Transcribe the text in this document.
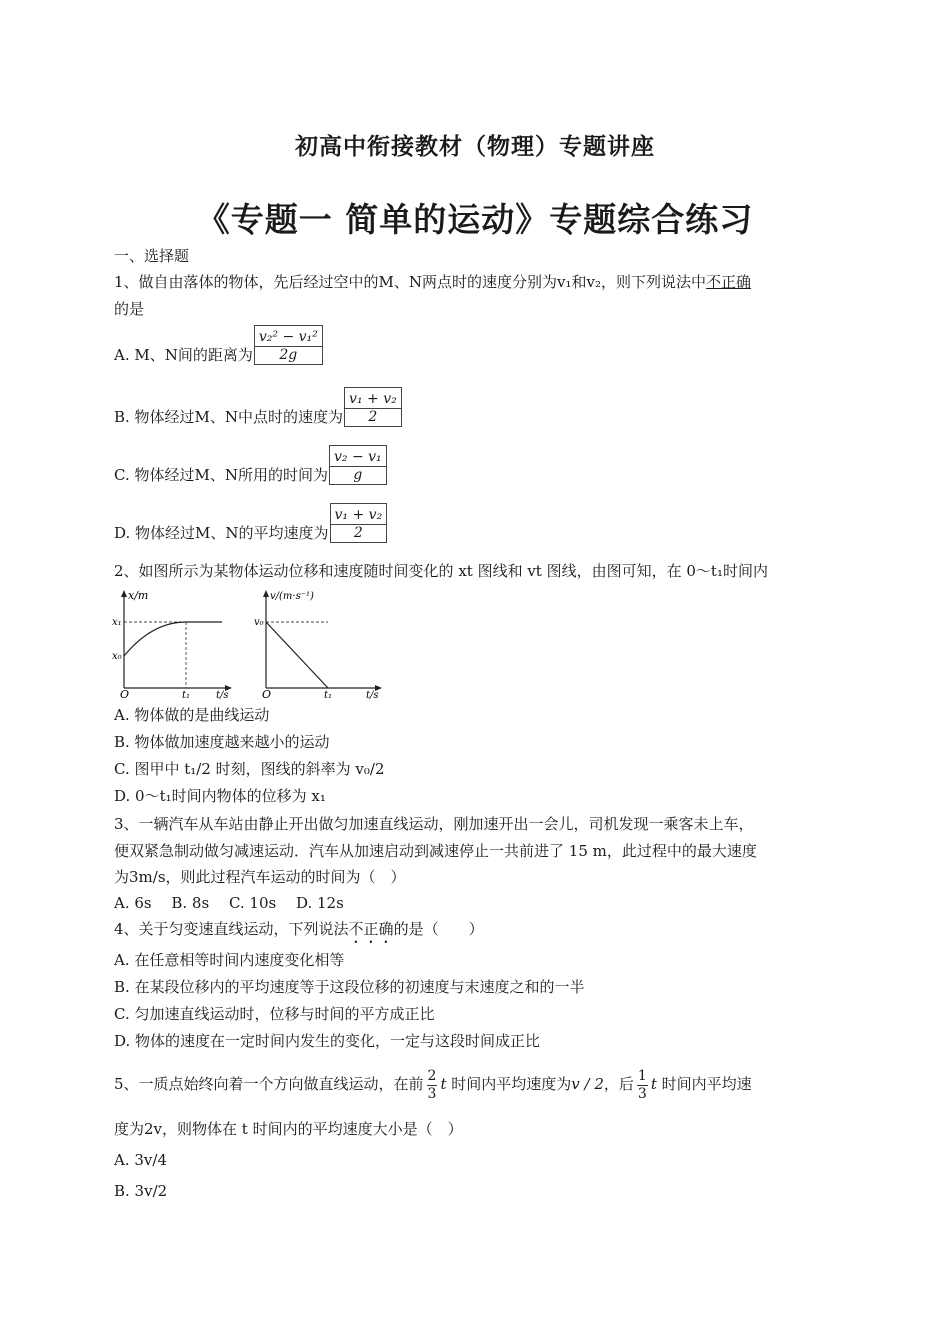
初高中衔接教材（物理）专题讲座
《专题一 简单的运动》专题综合练习
一、选择题
1、做自由落体的物体，先后经过空中的M、N两点时的速度分别为v₁和v₂，则下列说法中不正确
的是
A. M、N间的距离为 $\frac{\text{v₂² − v₁²}}{2g}$
B. 物体经过M、N中点时的速度为 $\frac{\text{v₁ + v₂}}{2}$
C. 物体经过M、N所用的时间为 $\frac{\text{v₂ − v₁}}{g}$
D. 物体经过M、N的平均速度为 $\frac{\text{v₁ + v₂}}{2}$
2、如图所示为某物体运动位移和速度随时间变化的 xt 图线和 vt 图线，由图可知，在 0～t₁时间内
x/m
x₁
x₀
O	t₁	t/s
v/(m·s⁻¹)
v₀
O	t₁	t/s
A. 物体做的是曲线运动
B. 物体做加速度越来越小的运动
C. 图甲中 t₁/2 时刻，图线的斜率为 v₀/2
D. 0～t₁时间内物体的位移为 x₁
3、一辆汽车从车站由静止开出做匀加速直线运动，刚加速开出一会儿，司机发现一乘客未上车，
便双紧急制动做匀减速运动．汽车从加速启动到减速停止一共前进了 15 m，此过程中的最大速度
为3m/s，则此过程汽车运动的时间为（　）
A. 6s　 B. 8s　 C. 10s　 D. 12s
4、关于匀变速直线运动，下列说法不正确的是（　　）
A. 在任意相等时间内速度变化相等
B. 在某段位移内的平均速度等于这段位移的初速度与末速度之和的一半
C. 匀加速直线运动时，位移与时间的平方成正比
D. 物体的速度在一定时间内发生的变化，一定与这段时间成正比
5、一质点始终向着一个方向做直线运动，在前 $\frac{2}{3}$ t 时间内平均速度为v / 2，后 $\frac{1}{3}$ t 时间内平均速
度为2v，则物体在 t 时间内的平均速度大小是（　）
A. 3v/4
B. 3v/2
